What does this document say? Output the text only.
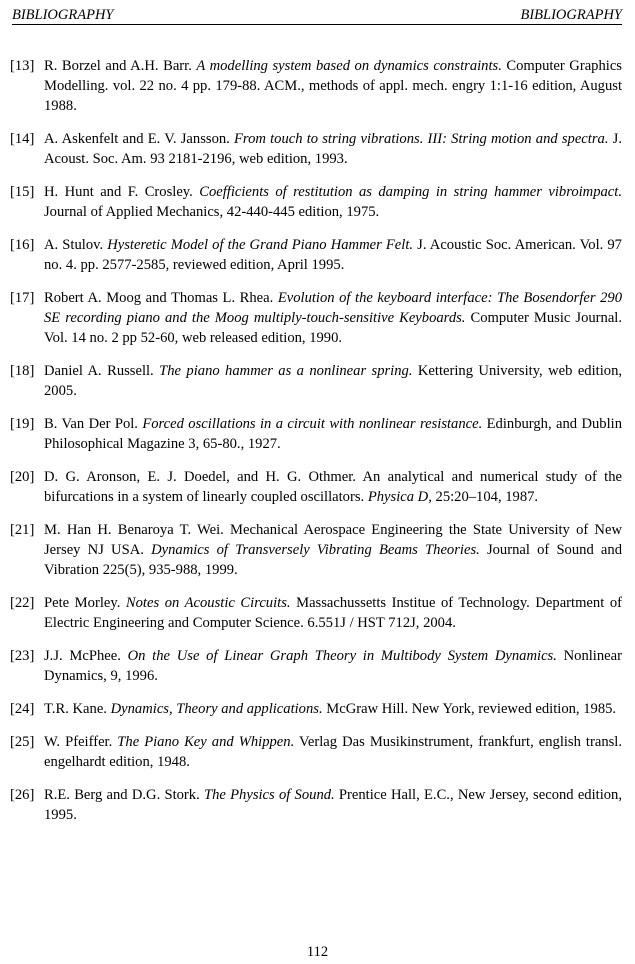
BIBLIOGRAPHY	BIBLIOGRAPHY
[13] R. Borzel and A.H. Barr. A modelling system based on dynamics constraints. Computer Graphics Modelling. vol. 22 no. 4 pp. 179-88. ACM., methods of appl. mech. engry 1:1-16 edition, August 1988.
[14] A. Askenfelt and E. V. Jansson. From touch to string vibrations. III: String motion and spectra. J. Acoust. Soc. Am. 93 2181-2196, web edition, 1993.
[15] H. Hunt and F. Crosley. Coefficients of restitution as damping in string hammer vibroimpact. Journal of Applied Mechanics, 42-440-445 edition, 1975.
[16] A. Stulov. Hysteretic Model of the Grand Piano Hammer Felt. J. Acoustic Soc. American. Vol. 97 no. 4. pp. 2577-2585, reviewed edition, April 1995.
[17] Robert A. Moog and Thomas L. Rhea. Evolution of the keyboard interface: The Bosendorfer 290 SE recording piano and the Moog multiply-touch-sensitive Keyboards. Computer Music Journal. Vol. 14 no. 2 pp 52-60, web released edition, 1990.
[18] Daniel A. Russell. The piano hammer as a nonlinear spring. Kettering University, web edition, 2005.
[19] B. Van Der Pol. Forced oscillations in a circuit with nonlinear resistance. Edinburgh, and Dublin Philosophical Magazine 3, 65-80., 1927.
[20] D. G. Aronson, E. J. Doedel, and H. G. Othmer. An analytical and numerical study of the bifurcations in a system of linearly coupled oscillators. Physica D, 25:20–104, 1987.
[21] M. Han H. Benaroya T. Wei. Mechanical Aerospace Engineering the State University of New Jersey NJ USA. Dynamics of Transversely Vibrating Beams Theories. Journal of Sound and Vibration 225(5), 935-988, 1999.
[22] Pete Morley. Notes on Acoustic Circuits. Massachussetts Institue of Technology. Department of Electric Engineering and Computer Science. 6.551J / HST 712J, 2004.
[23] J.J. McPhee. On the Use of Linear Graph Theory in Multibody System Dynamics. Nonlinear Dynamics, 9, 1996.
[24] T.R. Kane. Dynamics, Theory and applications. McGraw Hill. New York, reviewed edition, 1985.
[25] W. Pfeiffer. The Piano Key and Whippen. Verlag Das Musikinstrument, frankfurt, english transl. engelhardt edition, 1948.
[26] R.E. Berg and D.G. Stork. The Physics of Sound. Prentice Hall, E.C., New Jersey, second edition, 1995.
112
